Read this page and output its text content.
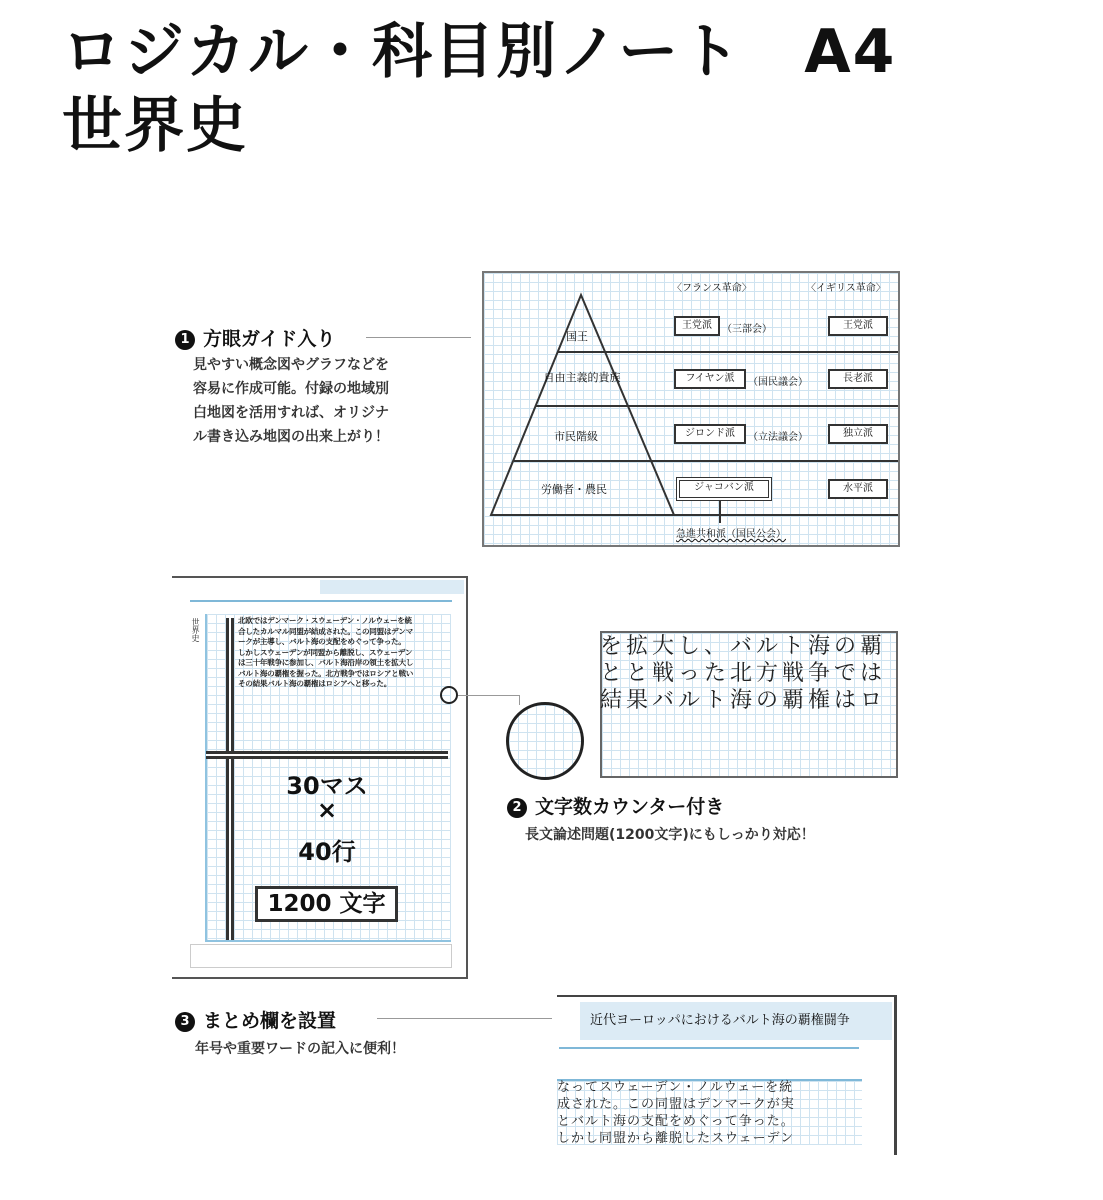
ロジカル・科目別ノート　A4
世界史
〈フランス革命〉	〈イギリス革命〉
国王
自由主義的貴族
市民階級
労働者・農民
王党派	（三部会）
フイヤン派	（国民議会）
ジロンド派	（立法議会）
ジャコバン派
王党派
長老派
独立派
水平派
急進共和派（国民公会）
1 方眼ガイド入り
見やすい概念図やグラフなどを
容易に作成可能。付録の地域別
白地図を活用すれば、オリジナ
ル書き込み地図の出来上がり！
世界史	北欧ではデンマーク・スウェーデン・ノルウェーを統
合したカルマル同盟が結成された。この同盟はデンマ
ークが主導し、バルト海の支配をめぐって争った。
しかしスウェーデンが同盟から離脱し、スウェーデン
は三十年戦争に参加し、バルト海沿岸の領土を拡大し
バルト海の覇権を握った。北方戦争ではロシアと戦い
その結果バルト海の覇権はロシアへと移った。
30マス
×
40行
1200 文字
を拡大し、バルト海の覇
とと戦った北方戦争では
結果バルト海の覇権はロ
2 文字数カウンター付き
長文論述問題(1200文字)にもしっかり対応！
3 まとめ欄を設置
年号や重要ワードの記入に便利！
近代ヨーロッパにおけるバルト海の覇権闘争
なってスウェーデン・ノルウェーを統
成された。この同盟はデンマークが実
とバルト海の支配をめぐって争った。
しかし同盟から離脱したスウェーデン
